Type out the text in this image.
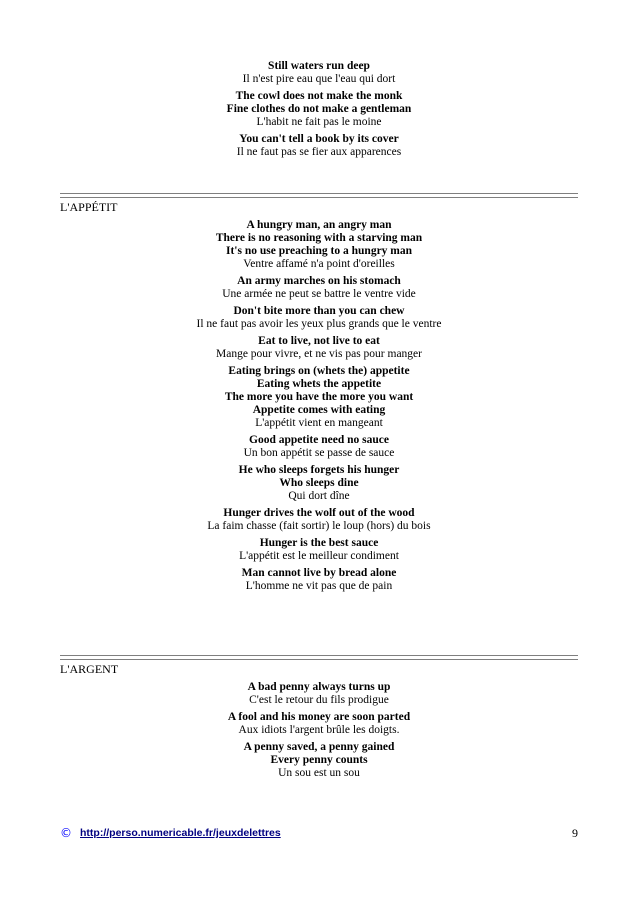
Still waters run deep
Il n'est pire eau que l'eau qui dort
The cowl does not make the monk
Fine clothes do not make a gentleman
L'habit ne fait pas le moine
You can't tell a book by its cover
Il ne faut pas se fier aux apparences
L'APPÉTIT
A hungry man, an angry man
There is no reasoning with a starving man
It's no use preaching to a hungry man
Ventre affamé n'a point d'oreilles
An army marches on his stomach
Une armée ne peut se battre le ventre vide
Don't bite more than you can chew
Il ne faut pas avoir les yeux plus grands que le ventre
Eat to live, not live to eat
Mange pour vivre, et ne vis pas pour manger
Eating brings on (whets the) appetite
Eating whets the appetite
The more you have the more you want
Appetite comes with eating
L'appétit vient en mangeant
Good appetite need no sauce
Un bon appétit se passe de sauce
He who sleeps forgets his hunger
Who sleeps dine
Qui dort dîne
Hunger drives the wolf out of the wood
La faim chasse (fait sortir) le loup (hors) du bois
Hunger is the best sauce
L'appétit est le meilleur condiment
Man cannot live by bread alone
L'homme ne vit pas que de pain
L'ARGENT
A bad penny always turns up
C'est le retour du fils prodigue
A fool and his money are soon parted
Aux idiots l'argent brûle les doigts.
A penny saved, a penny gained
Every penny counts
Un sou est un sou
© http://perso.numericable.fr/jeuxdelettres	9
